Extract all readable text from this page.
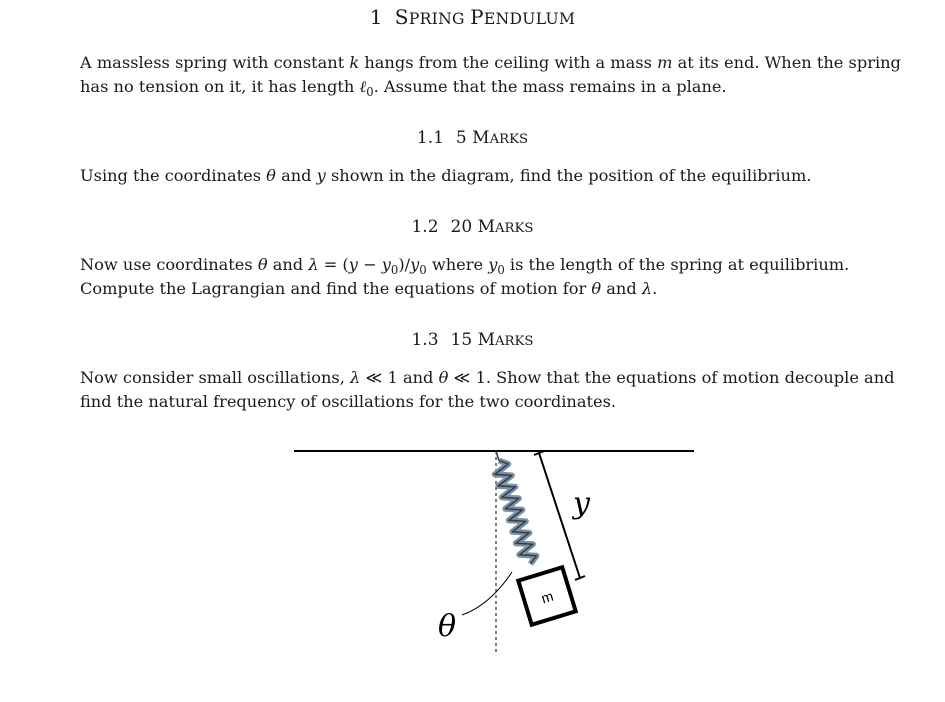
1 SPRING PENDULUM
A massless spring with constant k hangs from the ceiling with a mass m at its end. When the spring has no tension on it, it has length ℓ$_0$. Assume that the mass remains in a plane.
1.1 5 MARKS
Using the coordinates θ and y shown in the diagram, find the position of the equilibrium.
1.2 20 MARKS
Now use coordinates θ and $\lambda = (y - y_0)/y_0$ where $y_0$ is the length of the spring at equilibrium. Compute the Lagrangian and find the equations of motion for θ and λ.
1.3 15 MARKS
Now consider small oscillations, λ ≪ 1 and θ ≪ 1. Show that the equations of motion decouple and find the natural frequency of oscillations for the two coordinates.
m
y
θ
